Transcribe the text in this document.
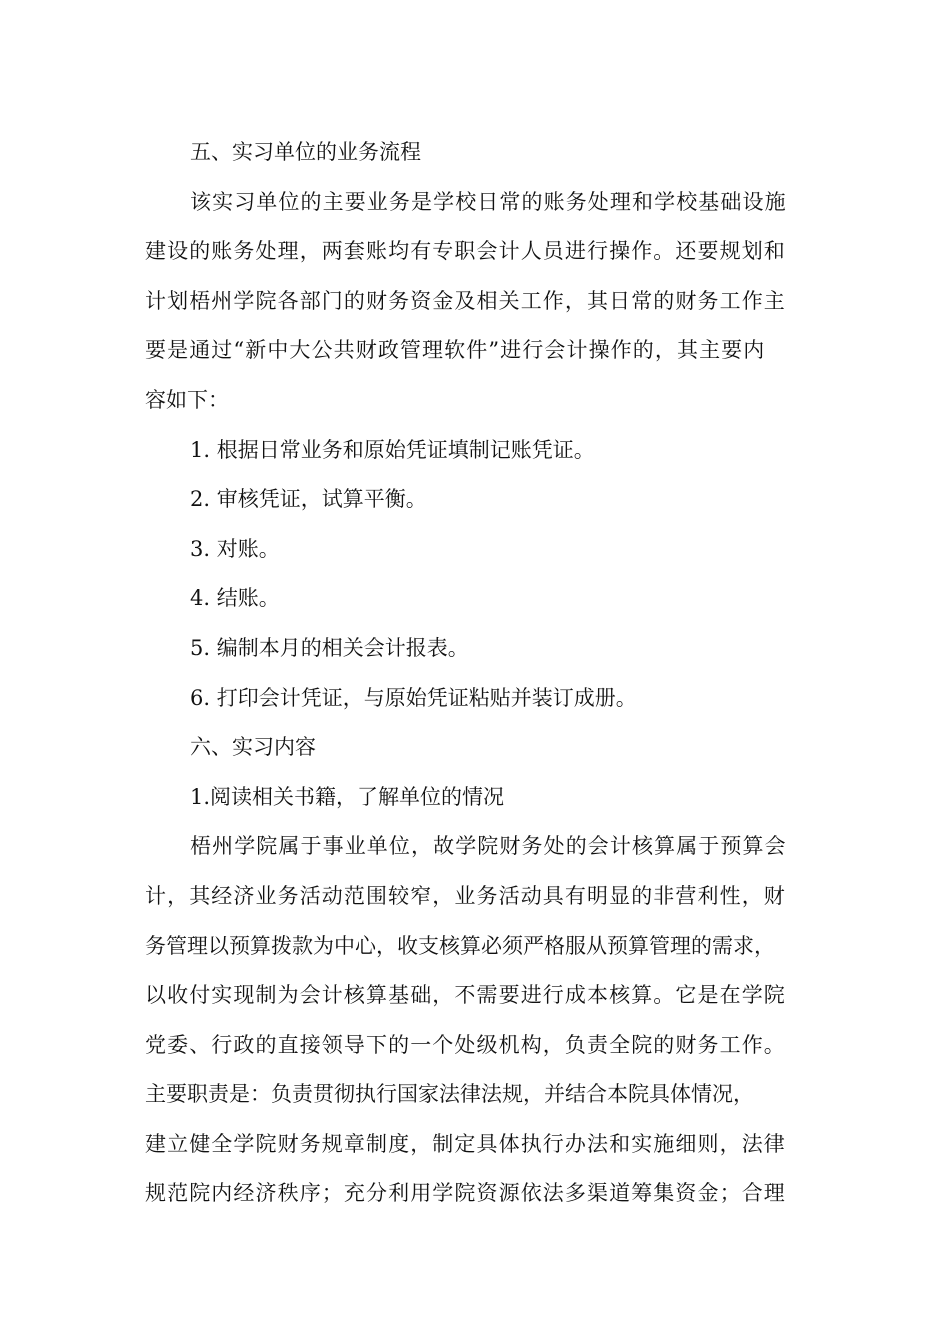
五、实习单位的业务流程
该实习单位的主要业务是学校日常的账务处理和学校基础设施
建设的账务处理，两套账均有专职会计人员进行操作。还要规划和
计划梧州学院各部门的财务资金及相关工作，其日常的财务工作主
要是通过“新中大公共财政管理软件”进行会计操作的，其主要内
容如下：
1. 根据日常业务和原始凭证填制记账凭证。
2. 审核凭证，试算平衡。
3. 对账。
4. 结账。
5. 编制本月的相关会计报表。
6. 打印会计凭证，与原始凭证粘贴并装订成册。
六、实习内容
1.阅读相关书籍，了解单位的情况
梧州学院属于事业单位，故学院财务处的会计核算属于预算会
计，其经济业务活动范围较窄，业务活动具有明显的非营利性，财
务管理以预算拨款为中心，收支核算必须严格服从预算管理的需求，
以收付实现制为会计核算基础，不需要进行成本核算。它是在学院
党委、行政的直接领导下的一个处级机构，负责全院的财务工作。
主要职责是：负责贯彻执行国家法律法规，并结合本院具体情况，
建立健全学院财务规章制度，制定具体执行办法和实施细则，法律
规范院内经济秩序；充分利用学院资源依法多渠道筹集资金；合理
